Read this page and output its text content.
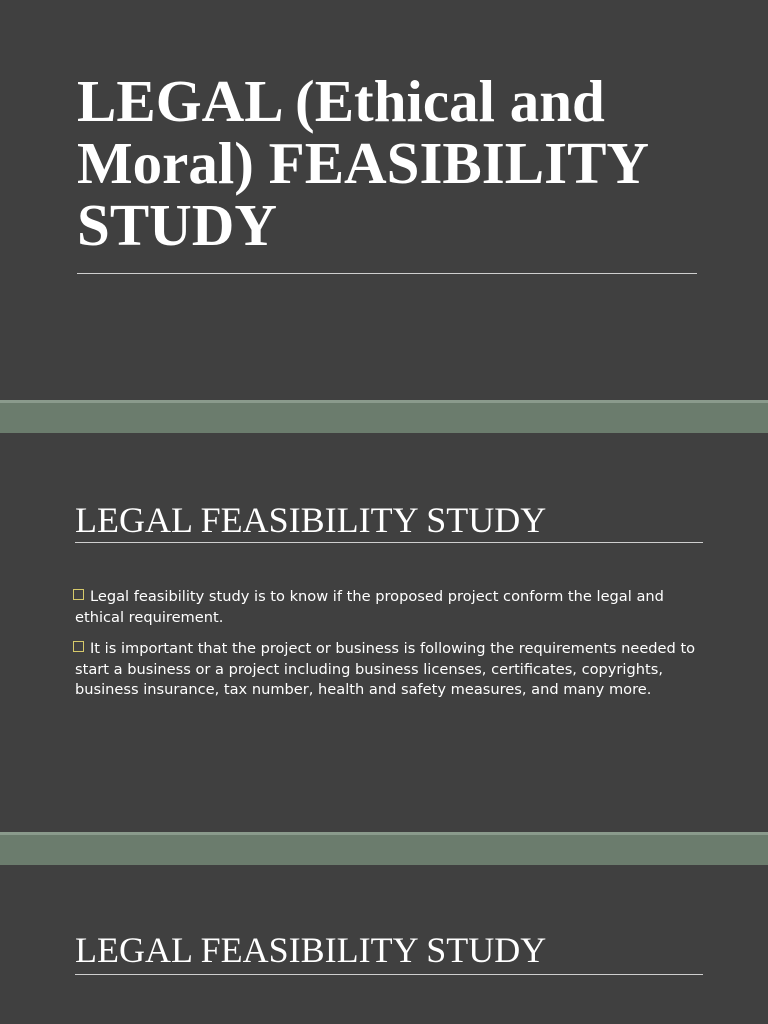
LEGAL (Ethical and Moral) FEASIBILITY STUDY
LEGAL FEASIBILITY STUDY
Legal feasibility study is to know if the proposed project conform the legal and ethical requirement.
It is important that the project or business is following the requirements needed to start a business or a project including business licenses, certificates, copyrights, business insurance, tax number, health and safety measures, and many more.
LEGAL FEASIBILITY STUDY
